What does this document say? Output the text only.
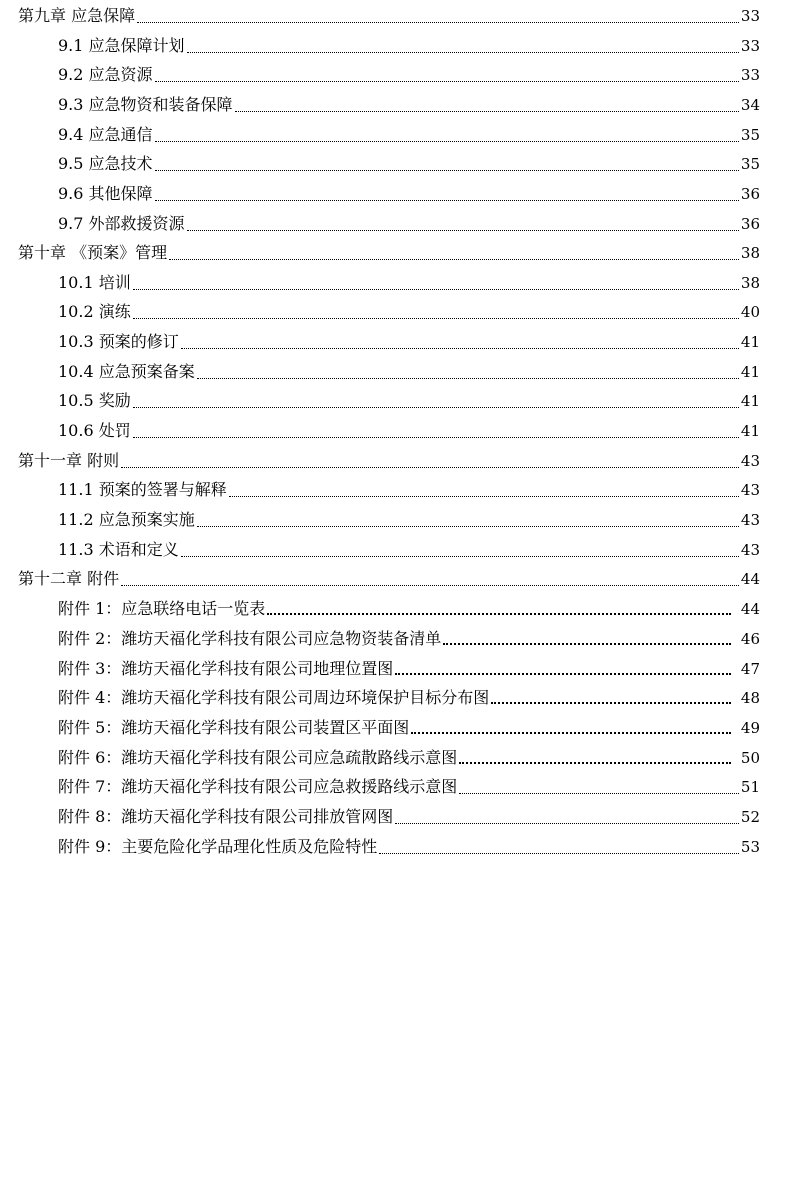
第九章 应急保障	33
9.1 应急保障计划	33
9.2 应急资源	33
9.3 应急物资和装备保障	34
9.4 应急通信	35
9.5 应急技术	35
9.6 其他保障	36
9.7 外部救援资源	36
第十章 《预案》管理	38
10.1 培训	38
10.2 演练	40
10.3 预案的修订	41
10.4 应急预案备案	41
10.5 奖励	41
10.6 处罚	41
第十一章 附则	43
11.1 预案的签署与解释	43
11.2 应急预案实施	43
11.3 术语和定义	43
第十二章 附件	44
附件 1：应急联络电话一览表	44
附件 2：潍坊天福化学科技有限公司应急物资装备清单	46
附件 3：潍坊天福化学科技有限公司地理位置图	47
附件 4：潍坊天福化学科技有限公司周边环境保护目标分布图	48
附件 5：潍坊天福化学科技有限公司装置区平面图	49
附件 6：潍坊天福化学科技有限公司应急疏散路线示意图	50
附件 7：潍坊天福化学科技有限公司应急救援路线示意图	51
附件 8：潍坊天福化学科技有限公司排放管网图	52
附件 9：主要危险化学品理化性质及危险特性	53
